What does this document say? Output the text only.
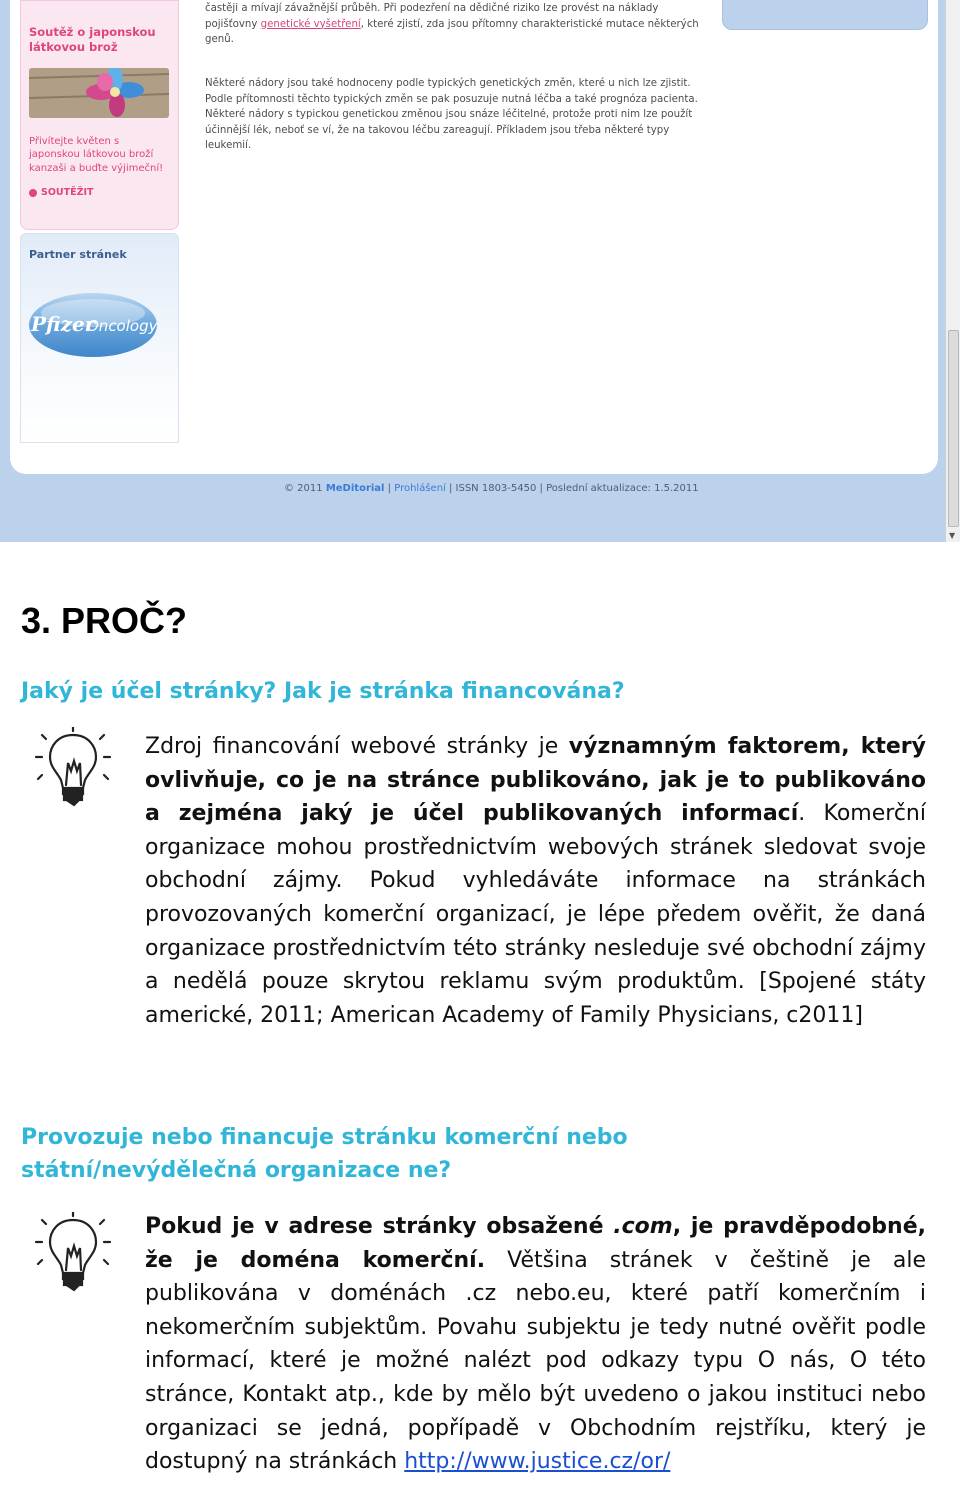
Soutěž o japonskou látkovou brož
Přivítejte květen s japonskou látkovou broží kanzaši a buďte výjimeční!
SOUTĚŽIT
Partner stránek
Pfizer
Oncology
častěji a mívají závažnější průběh. Při podezření na dědičné riziko lze provést na náklady pojišťovny genetické vyšetření, které zjistí, zda jsou přítomny charakteristické mutace některých genů.
Některé nádory jsou také hodnoceny podle typických genetických změn, které u nich lze zjistit. Podle přítomnosti těchto typických změn se pak posuzuje nutná léčba a také prognóza pacienta. Některé nádory s typickou genetickou změnou jsou snáze léčitelné, protože proti nim lze použít účinnější lék, neboť se ví, že na takovou léčbu zareagují. Příkladem jsou třeba některé typy leukemií.
© 2011 MeDitorial | Prohlášení | ISSN 1803-5450 | Poslední aktualizace: 1.5.2011
▼
3. PROČ?

Jaký je účel stránky? Jak je stránka financována?

Zdroj financování webové stránky je významným faktorem, který ovlivňuje, co je na stránce publikováno, jak je to publikováno a zejména jaký je účel publikovaných informací. Komerční organizace mohou prostřednictvím webových stránek sledovat svoje obchodní zájmy. Pokud vyhledáváte informace na stránkách provozovaných komerční organizací, je lépe předem ověřit, že daná organizace prostřednictvím této stránky nesleduje své obchodní zájmy a nedělá pouze skrytou reklamu svým produktům. [Spojené státy americké, 2011; American Academy of Family Physicians, c2011]

Provozuje nebo financuje stránku komerční nebo státní/nevýdělečná organizace ne?

Pokud je v adrese stránky obsažené .com, je pravděpodobné, že je doména komerční. Většina stránek v češtině je ale publikována v doménách .cz nebo.eu, které patří komerčním i nekomerčním subjektům. Povahu subjektu je tedy nutné ověřit podle informací, které je možné nalézt pod odkazy typu O nás, O této stránce, Kontakt atp., kde by mělo být uvedeno o jakou instituci nebo organizaci se jedná, popřípadě v Obchodním rejstříku, který je dostupný na stránkách http://www.justice.cz/or/
